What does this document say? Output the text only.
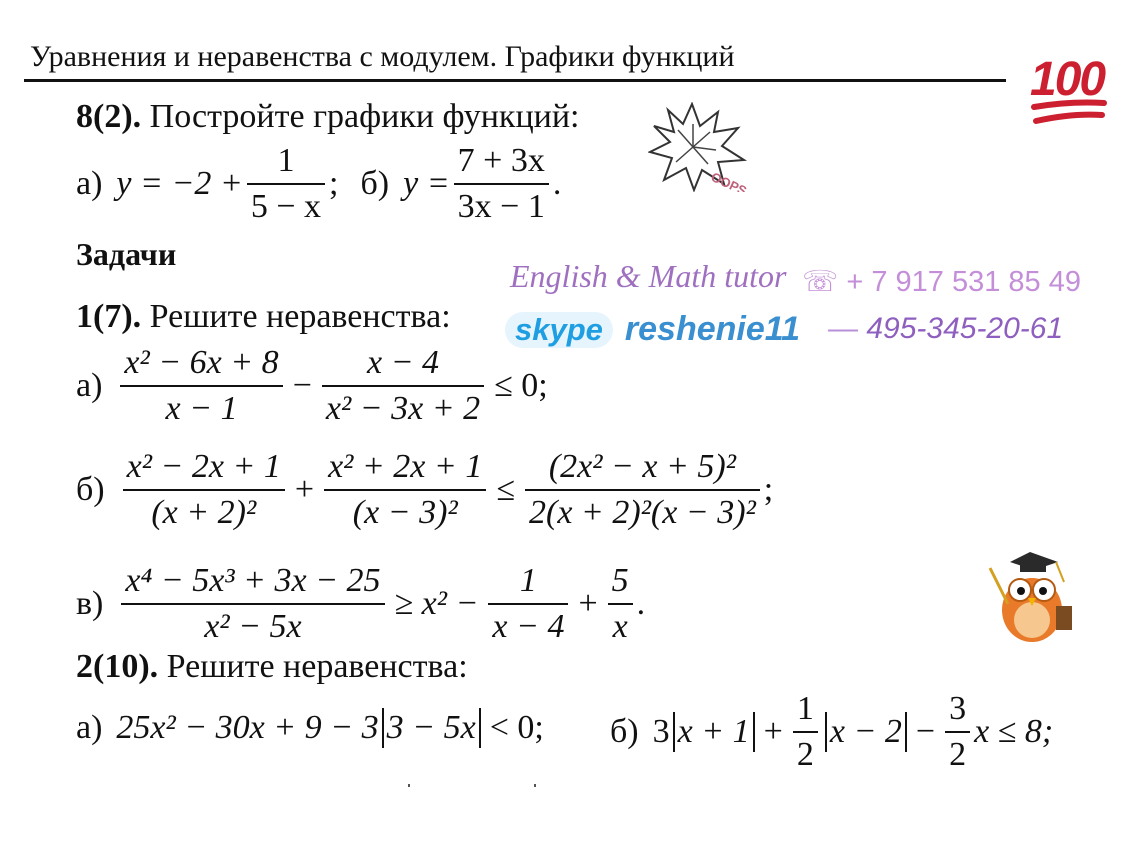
Уравнения и неравенства с модулем. Графики функций	100
8(2). Постройте графики функций:
а) $y = -2 + \frac{1}{5 - x}$ ; б) $y = \frac{7 + 3x}{3x - 1}$ .	OOPS
Задачи
English & Math tutor ☏ + 7 917 531 85 49
skype reshenie11 — 495-345-20-61
1(7). Решите неравенства:
$а) \frac{\text{x² − 6x + 8}}{x - 1} - \frac{x - 4}{\text{x² − 3x + 2}} \le 0$;
$б) \frac{\text{x² − 2x + 1}}{\text{(x + 2)²}} + \frac{\text{x² + 2x + 1}}{\text{(x − 3)²}} \le \frac{\text{(2x² − x + 5)²}}{\text{2(x + 2)²(x − 3)²}}$ ;
$в) \frac{\text{x⁴ − 5x³ + 3x − 25}}{\text{x² − 5x}} \ge x^2 - \frac{1}{x - 4} + \frac{5}{x}$ .
2(10). Решите неравенства:
а) 25x² − 30x + 9 − 3 3 − 5x < 0; б) 3 $x + 1 + \frac{1}{2}$ $x - 2 - \frac{3}{2}$ x ≤ 8;
